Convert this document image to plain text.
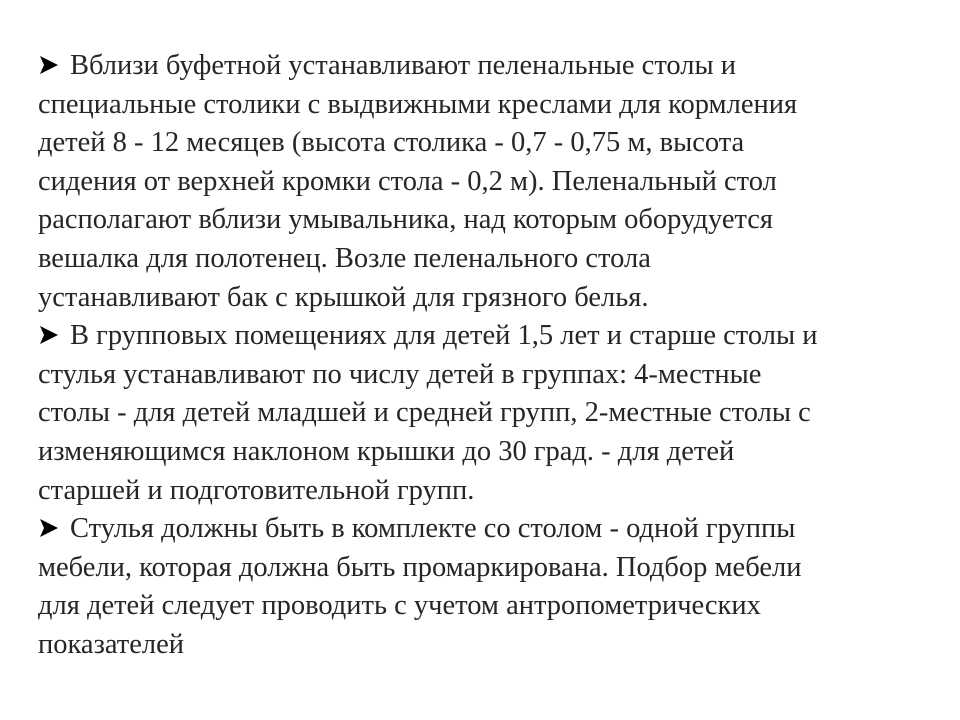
Вблизи буфетной устанавливают пеленальные столы и
специальные столики с выдвижными креслами для кормления
детей 8 - 12 месяцев (высота столика - 0,7 - 0,75 м, высота
сидения от верхней кромки стола - 0,2 м). Пеленальный стол
располагают вблизи умывальника, над которым оборудуется
вешалка для полотенец. Возле пеленального стола
устанавливают бак с крышкой для грязного белья.
В групповых помещениях для детей 1,5 лет и старше столы и
стулья устанавливают по числу детей в группах: 4-местные
столы - для детей младшей и средней групп, 2-местные столы с
изменяющимся наклоном крышки до 30 град. - для детей
старшей и подготовительной групп.
Стулья должны быть в комплекте со столом - одной группы
мебели, которая должна быть промаркирована. Подбор мебели
для детей следует проводить с учетом антропометрических
показателей
